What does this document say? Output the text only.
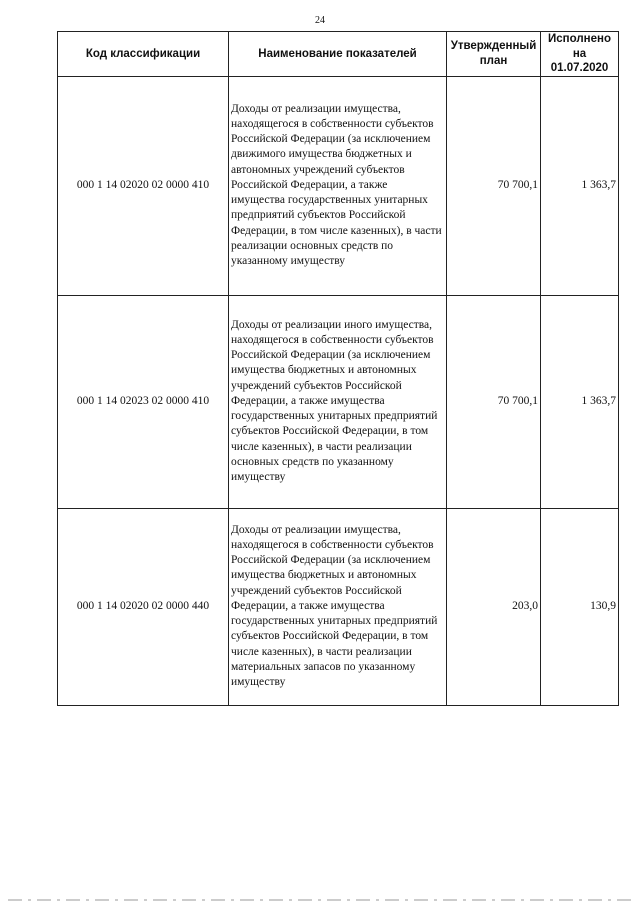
24
Код классификации	Наименование показателей	Утвержденный план	Исполнено на 01.07.2020
000 1 14 02020 02 0000 410	Доходы от реализации имущества, находящегося в собственности субъектов Российской Федерации (за исключением движимого имущества бюджетных и автономных учреждений субъектов Российской Федерации, а также имущества государственных унитарных предприятий субъектов Российской Федерации, в том числе казенных), в части реализации основных средств по указанному имуществу	70 700,1	1 363,7
000 1 14 02023 02 0000 410	Доходы от реализации иного имущества, находящегося в собственности субъектов Российской Федерации (за исключением имущества бюджетных и автономных учреждений субъектов Российской Федерации, а также имущества государственных унитарных предприятий субъектов Российской Федерации, в том числе казенных), в части реализации основных средств по указанному имуществу	70 700,1	1 363,7
000 1 14 02020 02 0000 440	Доходы от реализации имущества, находящегося в собственности субъектов Российской Федерации (за исключением имущества бюджетных и автономных учреждений субъектов Российской Федерации, а также имущества государственных унитарных предприятий субъектов Российской Федерации, в том числе казенных), в части реализации материальных запасов по указанному имуществу	203,0	130,9
